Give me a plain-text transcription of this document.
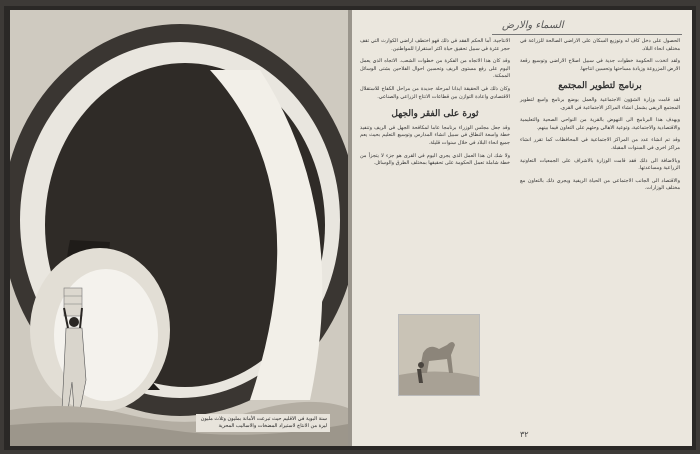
سنة البوية في الاقليم حيث تبرعت الأمانة بمليون وثلاث مليون ليرة من الانتاج لاستيراد المضخات والاساليب المحرية
السماء والارض

الانتاجية. أما الحكم الفقد في ذلك فهو اختطف اراضي الكوارث التي تقف حجر عثرة في سبيل تحقيق حياة اكثر استقرارا للمواطنين.

وقد كان هذا الاتجاه من الفكرة من خطوات الشعب. الاتجاه الذي يعمل اليوم على رفع مستوى الريف وتحسين احوال الفلاحين بشتى الوسائل الممكنة.

وكان ذلك في الحقيقة ايذانا لمرحلة جديدة من مراحل الكفاح للاستقلال الاقتصادي واعادة التوازن بين قطاعات الانتاج الزراعي والصناعي.

ثورة على الفقر والجهل

وقد جعل مجلس الوزراء برنامجا عاما لمكافحة الجهل في الريف وتنفيذ خطة واسعة النطاق في سبيل انشاء المدارس وتوسيع التعليم بحيث يعم جميع انحاء البلاد في خلال سنوات قليلة.

ولا شك ان هذا العمل الذي يجري اليوم في القرى هو جزء لا يتجزأ من خطة شاملة تعمل الحكومة على تحقيقها بمختلف الطرق والوسائل.

الحصول على دخل كاف له وتوزيع السكان على الاراضي الصالحة للزراعة في مختلف انحاء البلاد.

ولقد اتخذت الحكومة خطوات جدية في سبيل اصلاح الاراضي وتوسيع رقعة الارض المزروعة وزيادة مساحتها وتحسين انتاجها.

برنامج لتطوير المجتمع

لقد قامت وزارة الشؤون الاجتماعية والعمل بوضع برنامج واسع لتطوير المجتمع الريفي يشمل انشاء المراكز الاجتماعية في القرى.

ويهدف هذا البرنامج الى النهوض بالقرية من النواحي الصحية والتعليمية والاقتصادية والاجتماعية، وتوعية الاهالي وحثهم على التعاون فيما بينهم.

وقد تم انشاء عدد من المراكز الاجتماعية في المحافظات كما تقرر انشاء مراكز اخرى في السنوات المقبلة.

وبالاضافة الى ذلك فقد قامت الوزارة بالاشراف على الجمعيات التعاونية الزراعية ومساعدتها.

والاقتصاد الى الجانب الاجتماعي من الحياة الريفية ويجري ذلك بالتعاون مع مختلف الوزارات.

٣٢
